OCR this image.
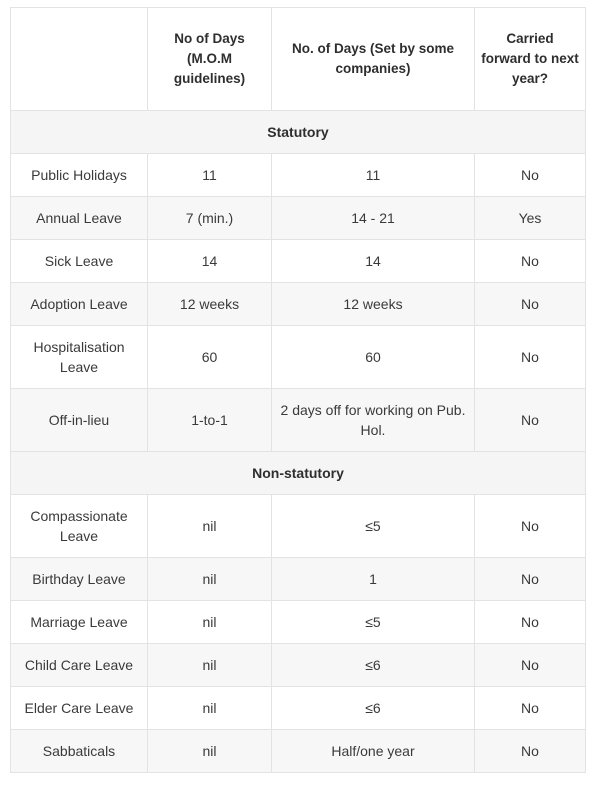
	No of Days (M.O.M guidelines)	No. of Days (Set by some companies)	Carried forward to next year?
Statutory			
Public Holidays	11	11	No
Annual Leave	7 (min.)	14 - 21	Yes
Sick Leave	14	14	No
Adoption Leave	12 weeks	12 weeks	No
Hospitalisation Leave	60	60	No
Off-in-lieu	1-to-1	2 days off for working on Pub. Hol.	No
Non-statutory			
Compassionate Leave	nil	≤5	No
Birthday Leave	nil	1	No
Marriage Leave	nil	≤5	No
Child Care Leave	nil	≤6	No
Elder Care Leave	nil	≤6	No
Sabbaticals	nil	Half/one year	No
